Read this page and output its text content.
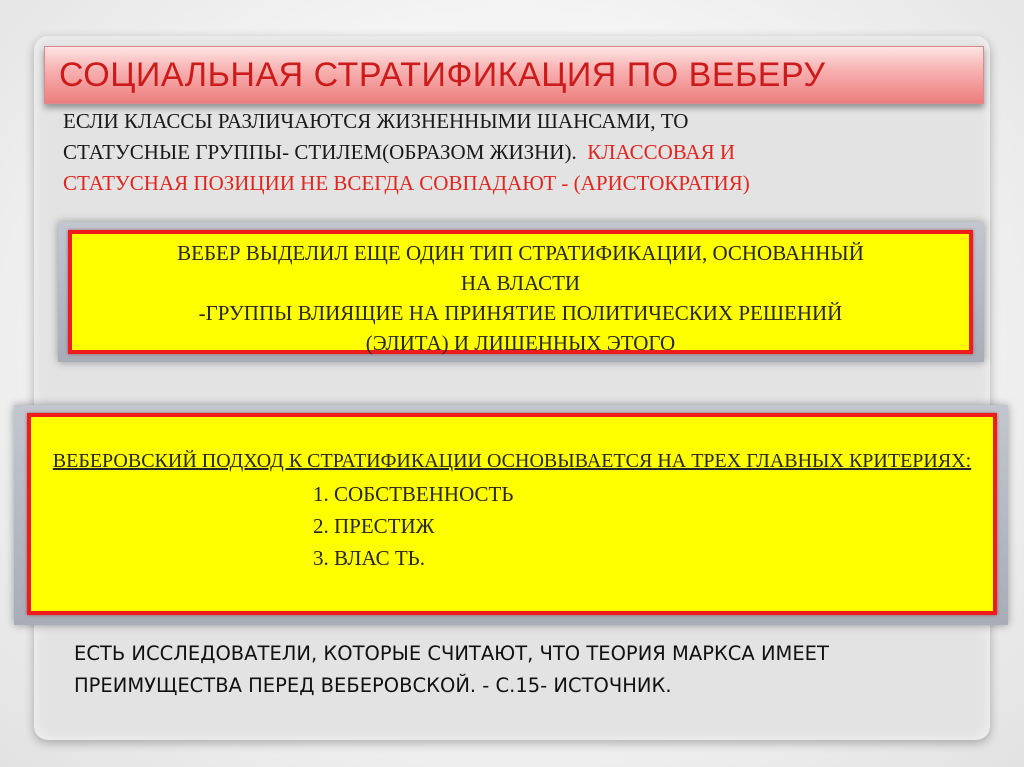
СОЦИАЛЬНАЯ СТРАТИФИКАЦИЯ ПО ВЕБЕРУ
ЕСЛИ КЛАССЫ РАЗЛИЧАЮТСЯ ЖИЗНЕННЫМИ ШАНСАМИ, ТО
СТАТУСНЫЕ ГРУППЫ- СТИЛЕМ(ОБРАЗОМ ЖИЗНИ). КЛАССОВАЯ И
СТАТУСНАЯ ПОЗИЦИИ НЕ ВСЕГДА СОВПАДАЮТ - (АРИСТОКРАТИЯ)
ВЕБЕР ВЫДЕЛИЛ ЕЩЕ ОДИН ТИП СТРАТИФИКАЦИИ, ОСНОВАННЫЙ
НА ВЛАСТИ
-ГРУППЫ ВЛИЯЩИЕ НА ПРИНЯТИЕ ПОЛИТИЧЕСКИХ РЕШЕНИЙ
(ЭЛИТА) И ЛИШЕННЫХ ЭТОГО
ВЕБЕРОВСКИЙ ПОДХОД К СТРАТИФИКАЦИИ ОСНОВЫВАЕТСЯ НА ТРЕХ ГЛАВНЫХ КРИТЕРИЯХ:
1. СОБСТВЕННОСТЬ
2. ПРЕСТИЖ
3. ВЛАС ТЬ.
ЕСТЬ ИССЛЕДОВАТЕЛИ, КОТОРЫЕ СЧИТАЮТ, ЧТО ТЕОРИЯ МАРКСА ИМЕЕТ
ПРЕИМУЩЕСТВА ПЕРЕД ВЕБЕРОВСКОЙ. - С.15- ИСТОЧНИК.
